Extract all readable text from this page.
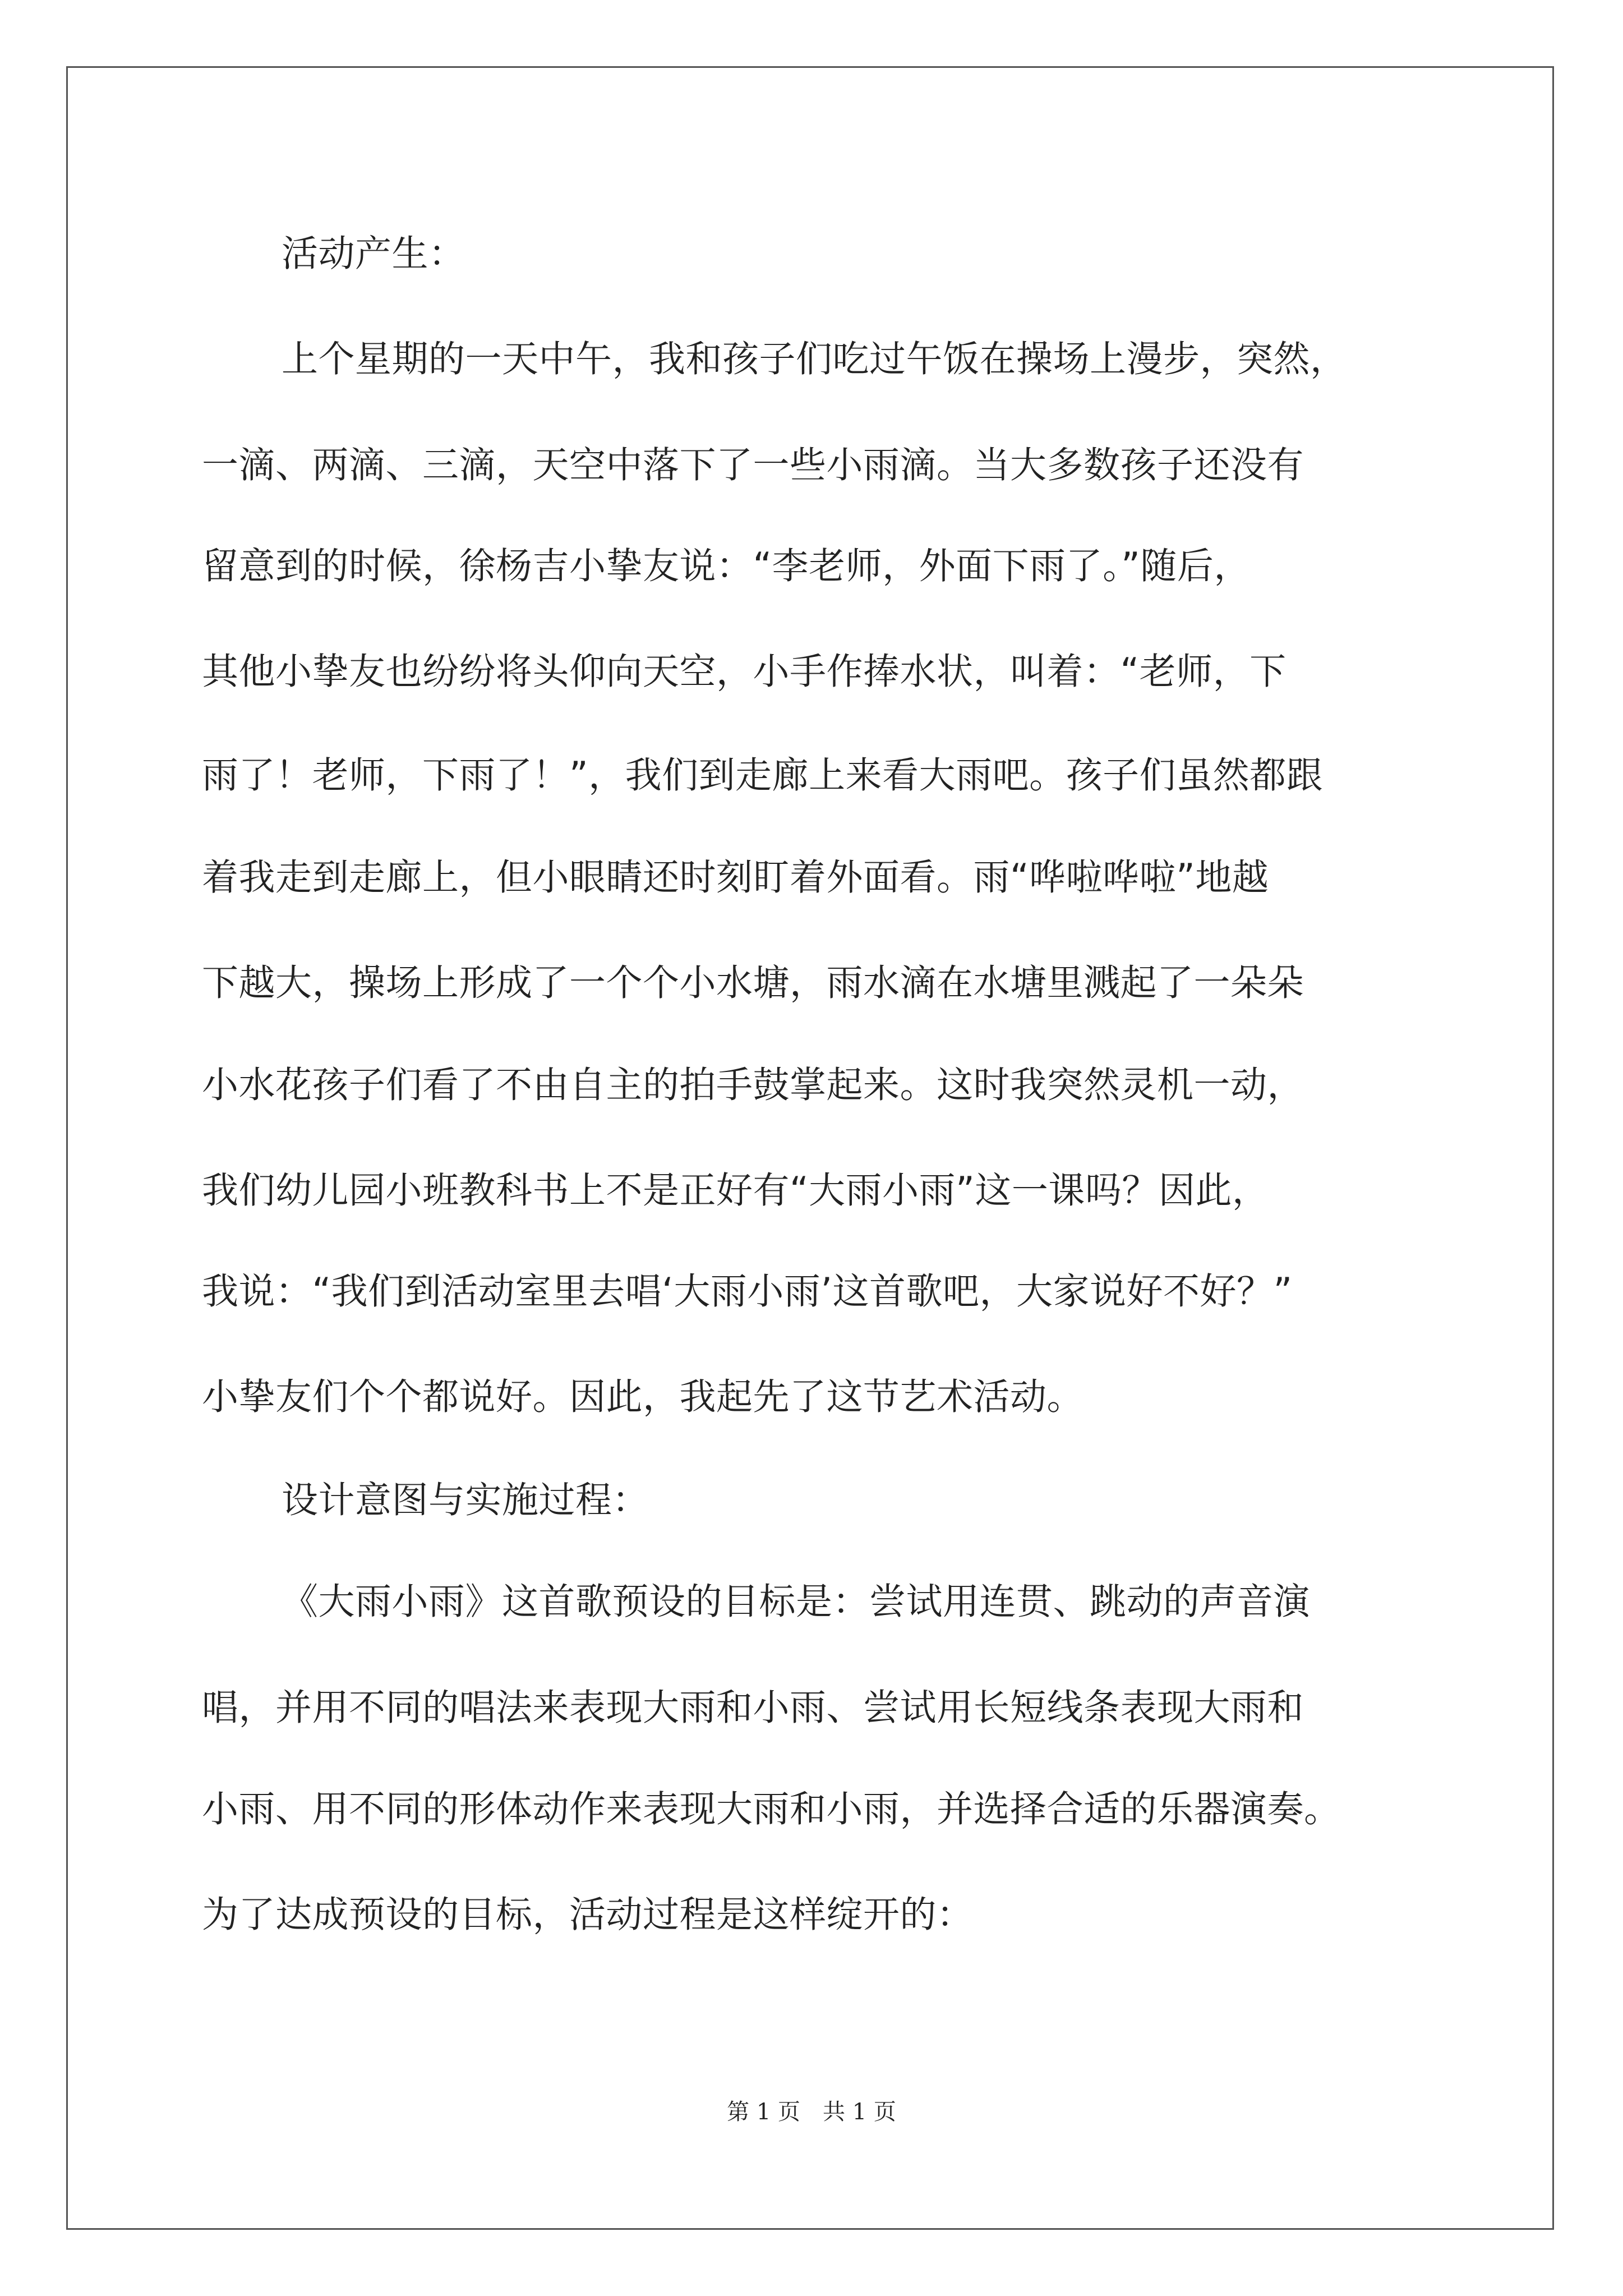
活动产生：
上个星期的一天中午，我和孩子们吃过午饭在操场上漫步，突然，
一滴、两滴、三滴，天空中落下了一些小雨滴。当大多数孩子还没有
留意到的时候，徐杨吉小挚友说：“李老师，外面下雨了。”随后，
其他小挚友也纷纷将头仰向天空，小手作捧水状，叫着：“老师，下
雨了！老师，下雨了！”，我们到走廊上来看大雨吧。孩子们虽然都跟
着我走到走廊上，但小眼睛还时刻盯着外面看。雨“哗啦哗啦”地越
下越大，操场上形成了一个个小水塘，雨水滴在水塘里溅起了一朵朵
小水花孩子们看了不由自主的拍手鼓掌起来。这时我突然灵机一动，
我们幼儿园小班教科书上不是正好有“大雨小雨”这一课吗？因此，
我说：“我们到活动室里去唱‘大雨小雨’这首歌吧，大家说好不好？”
小挚友们个个都说好。因此，我起先了这节艺术活动。
设计意图与实施过程：
《大雨小雨》这首歌预设的目标是：尝试用连贯、跳动的声音演
唱，并用不同的唱法来表现大雨和小雨、尝试用长短线条表现大雨和
小雨、用不同的形体动作来表现大雨和小雨，并选择合适的乐器演奏。
为了达成预设的目标，活动过程是这样绽开的：
第 1 页　共 1 页
